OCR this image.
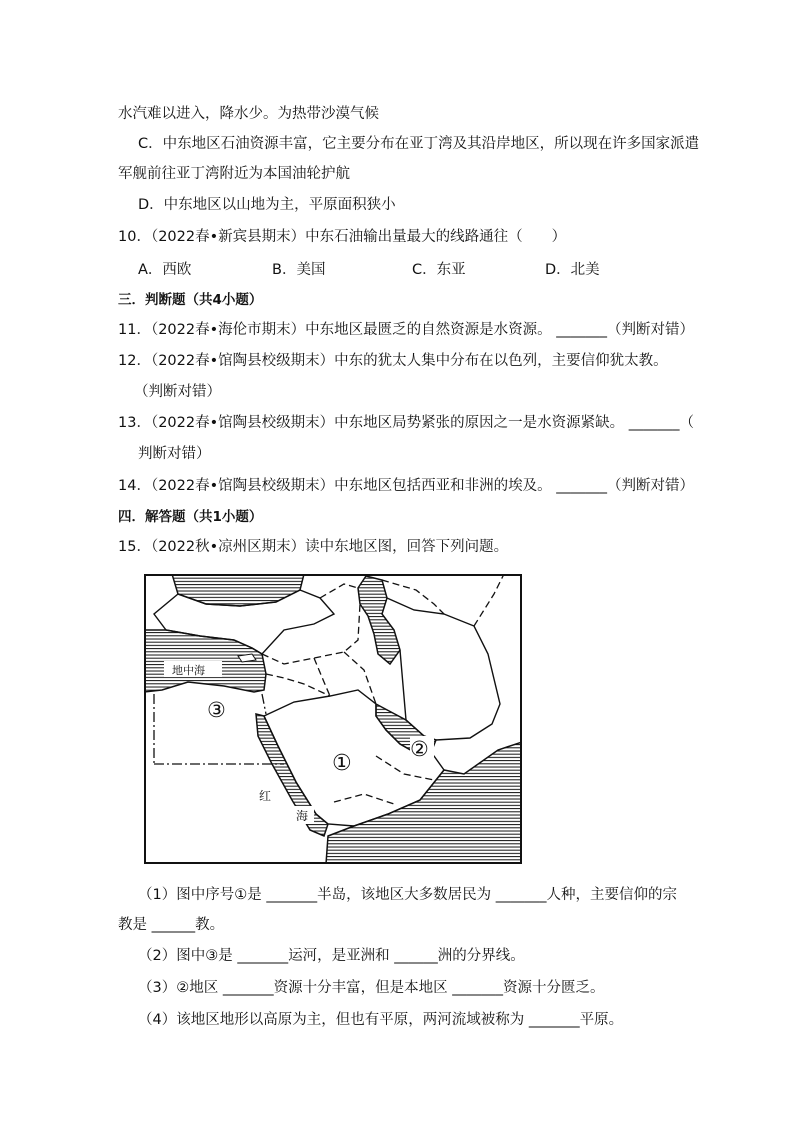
水汽难以进入，降水少。为热带沙漠气候
C．中东地区石油资源丰富，它主要分布在亚丁湾及其沿岸地区，所以现在许多国家派遣
军舰前往亚丁湾附近为本国油轮护航
D．中东地区以山地为主，平原面积狭小
10．（2022春•新宾县期末）中东石油输出量最大的线路通往（　　）
A．西欧	B．美国	C．东亚	D．北美
三．判断题（共4小题）
11．（2022春•海伦市期末）中东地区最匮乏的自然资源是水资源。 _______（判断对错）
12．（2022春•馆陶县校级期末）中东的犹太人集中分布在以色列，主要信仰犹太教。
（判断对错）
13．（2022春•馆陶县校级期末）中东地区局势紧张的原因之一是水资源紧缺。 _______（
判断对错）
14．（2022春•馆陶县校级期末）中东地区包括西亚和非洲的埃及。 _______（判断对错）
四．解答题（共1小题）
15．（2022秋•凉州区期末）读中东地区图，回答下列问题。
地中海
红
海
③
①
②
（1）图中序号①是 _______半岛，该地区大多数居民为 _______人种，主要信仰的宗
教是 ______教。
（2）图中③是 _______运河，是亚洲和 ______洲的分界线。
（3）②地区 _______资源十分丰富，但是本地区 _______资源十分匮乏。
（4）该地区地形以高原为主，但也有平原，两河流域被称为 _______平原。
